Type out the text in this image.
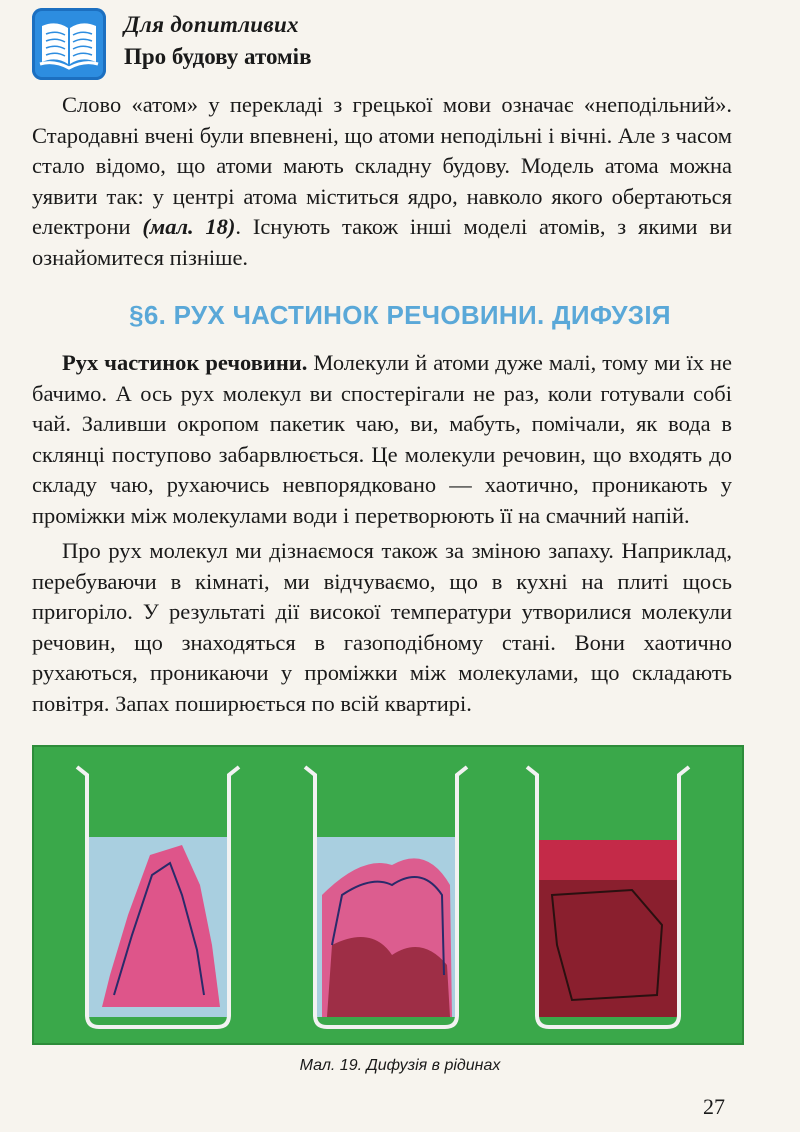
Для допитливих
Про будову атомів

Слово «атом» у перекладі з грецької мови означає «неподільний». Стародавні вчені були впевнені, що атоми неподільні і вічні. Але з часом стало відомо, що атоми мають складну будову. Модель атома можна уявити так: у центрі атома міститься ядро, навколо якого обертаються електрони (мал. 18). Існують також інші моделі атомів, з якими ви ознайомитеся пізніше.

§6. РУХ ЧАСТИНОК РЕЧОВИНИ. ДИФУЗІЯ

Рух частинок речовини. Молекули й атоми дуже малі, тому ми їх не бачимо. А ось рух молекул ви спостерігали не раз, коли готували собі чай. Заливши окропом пакетик чаю, ви, мабуть, помічали, як вода в склянці поступово забарвлюється. Це молекули речовин, що входять до складу чаю, рухаючись невпорядковано — хаотично, проникають у проміжки між молекулами води і перетворюють її на смачний напій.

Про рух молекул ми дізнаємося також за зміною запаху. Наприклад, перебуваючи в кімнаті, ми відчуваємо, що в кухні на плиті щось пригоріло. У результаті дії високої температури утворилися молекули речовин, що знаходяться в газоподібному стані. Вони хаотично рухаються, проникаючи у проміжки між молекулами, що складають повітря. Запах поширюється по всій квартирі.

Мал. 19. Дифузія в рідинах
27
